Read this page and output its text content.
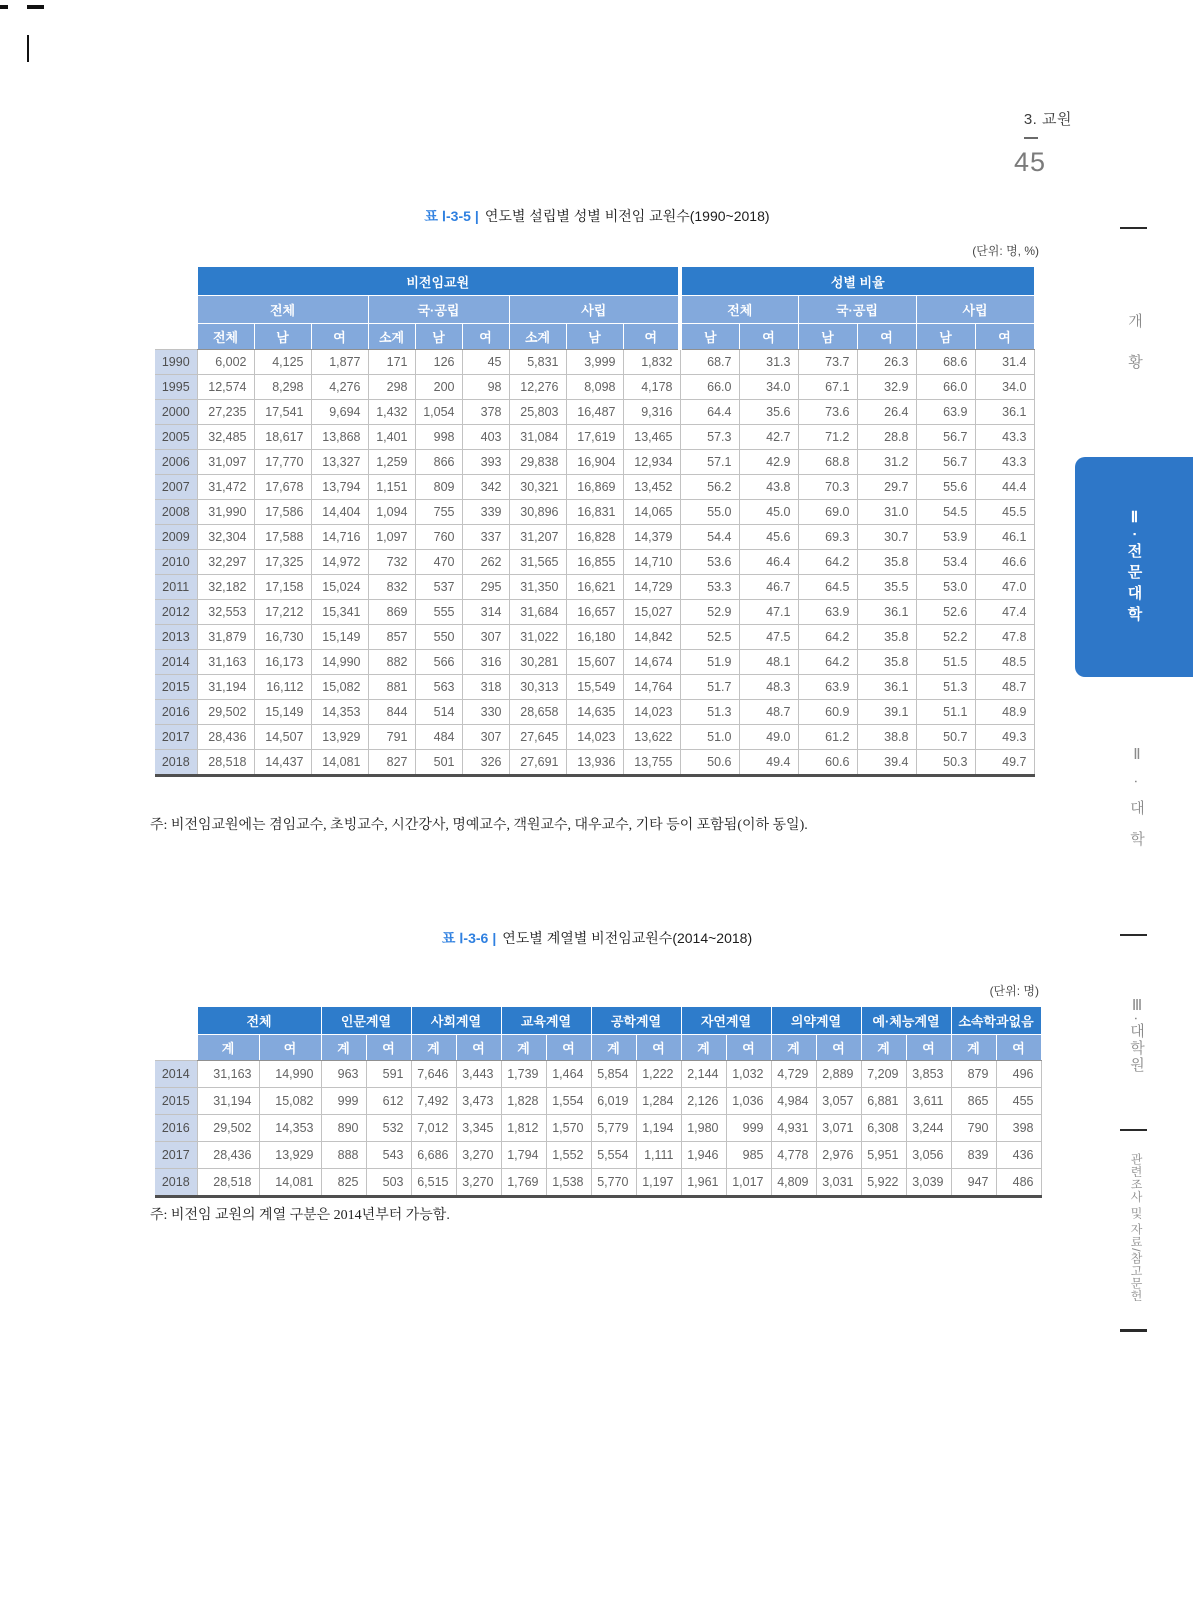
3. 교원
45
표 Ⅰ-3-5 | 연도별 설립별 성별 비전임 교원수(1990~2018)
(단위: 명, %)
	비전임교원									성별 비율					
	전체			국·공립			사립			전체		국·공립		사립	
	전체	남	여	소계	남	여	소계	남	여	남	여	남	여	남	여
1990	6,002	4,125	1,877	171	126	45	5,831	3,999	1,832	68.7	31.3	73.7	26.3	68.6	31.4
1995	12,574	8,298	4,276	298	200	98	12,276	8,098	4,178	66.0	34.0	67.1	32.9	66.0	34.0
2000	27,235	17,541	9,694	1,432	1,054	378	25,803	16,487	9,316	64.4	35.6	73.6	26.4	63.9	36.1
2005	32,485	18,617	13,868	1,401	998	403	31,084	17,619	13,465	57.3	42.7	71.2	28.8	56.7	43.3
2006	31,097	17,770	13,327	1,259	866	393	29,838	16,904	12,934	57.1	42.9	68.8	31.2	56.7	43.3
2007	31,472	17,678	13,794	1,151	809	342	30,321	16,869	13,452	56.2	43.8	70.3	29.7	55.6	44.4
2008	31,990	17,586	14,404	1,094	755	339	30,896	16,831	14,065	55.0	45.0	69.0	31.0	54.5	45.5
2009	32,304	17,588	14,716	1,097	760	337	31,207	16,828	14,379	54.4	45.6	69.3	30.7	53.9	46.1
2010	32,297	17,325	14,972	732	470	262	31,565	16,855	14,710	53.6	46.4	64.2	35.8	53.4	46.6
2011	32,182	17,158	15,024	832	537	295	31,350	16,621	14,729	53.3	46.7	64.5	35.5	53.0	47.0
2012	32,553	17,212	15,341	869	555	314	31,684	16,657	15,027	52.9	47.1	63.9	36.1	52.6	47.4
2013	31,879	16,730	15,149	857	550	307	31,022	16,180	14,842	52.5	47.5	64.2	35.8	52.2	47.8
2014	31,163	16,173	14,990	882	566	316	30,281	15,607	14,674	51.9	48.1	64.2	35.8	51.5	48.5
2015	31,194	16,112	15,082	881	563	318	30,313	15,549	14,764	51.7	48.3	63.9	36.1	51.3	48.7
2016	29,502	15,149	14,353	844	514	330	28,658	14,635	14,023	51.3	48.7	60.9	39.1	51.1	48.9
2017	28,436	14,507	13,929	791	484	307	27,645	14,023	13,622	51.0	49.0	61.2	38.8	50.7	49.3
2018	28,518	14,437	14,081	827	501	326	27,691	13,936	13,755	50.6	49.4	60.6	39.4	50.3	49.7
주: 비전임교원에는 겸임교수, 초빙교수, 시간강사, 명예교수, 객원교수, 대우교수, 기타 등이 포함됨(이하 동일).
표 Ⅰ-3-6 | 연도별 계열별 비전임교원수(2014~2018)
(단위: 명)
	전체		인문계열		사회계열		교육계열		공학계열		자연계열		의약계열		예·체능계열		소속학과없음	
	계	여	계	여	계	여	계	여	계	여	계	여	계	여	계	여	계	여
2014	31,163	14,990	963	591	7,646	3,443	1,739	1,464	5,854	1,222	2,144	1,032	4,729	2,889	7,209	3,853	879	496
2015	31,194	15,082	999	612	7,492	3,473	1,828	1,554	6,019	1,284	2,126	1,036	4,984	3,057	6,881	3,611	865	455
2016	29,502	14,353	890	532	7,012	3,345	1,812	1,570	5,779	1,194	1,980	999	4,931	3,071	6,308	3,244	790	398
2017	28,436	13,929	888	543	6,686	3,270	1,794	1,552	5,554	1,111	1,946	985	4,778	2,976	5,951	3,056	839	436
2018	28,518	14,081	825	503	6,515	3,270	1,769	1,538	5,770	1,197	1,961	1,017	4,809	3,031	5,922	3,039	947	486
주: 비전임 교원의 계열 구분은 2014년부터 가능함.
개황
Ⅱ·전문대학
Ⅱ·대학
Ⅲ·대학원
관련조사 및 자료/참고문헌
